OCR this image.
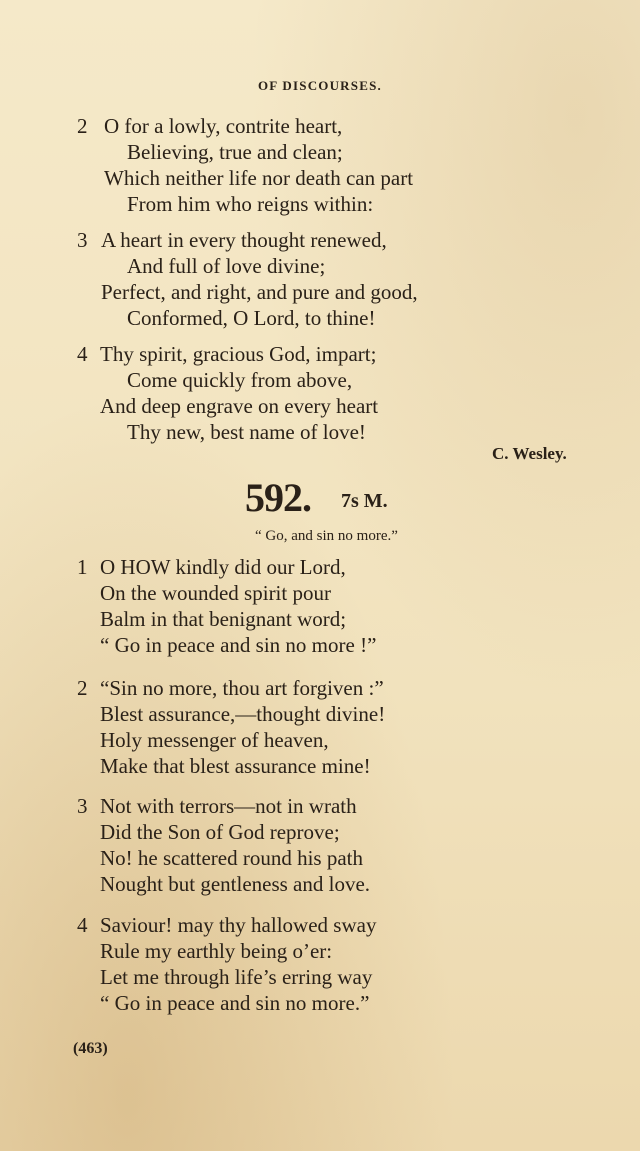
OF DISCOURSES.
2 O for a lowly, contrite heart,
Believing, true and clean;
Which neither life nor death can part
From him who reigns within:
3 A heart in every thought renewed,
And full of love divine;
Perfect, and right, and pure and good,
Conformed, O Lord, to thine!
4 Thy spirit, gracious God, impart;
Come quickly from above,
And deep engrave on every heart
Thy new, best name of love!
C. Wesley.
592. 7s M.
“ Go, and sin no more.”
1 O HOW kindly did our Lord,
On the wounded spirit pour
Balm in that benignant word;
“ Go in peace and sin no more !”
2 “Sin no more, thou art forgiven :”
Blest assurance,—thought divine!
Holy messenger of heaven,
Make that blest assurance mine!
3 Not with terrors—not in wrath
Did the Son of God reprove;
No! he scattered round his path
Nought but gentleness and love.
4 Saviour! may thy hallowed sway
Rule my earthly being o’er:
Let me through life’s erring way
“ Go in peace and sin no more.”
(463)
